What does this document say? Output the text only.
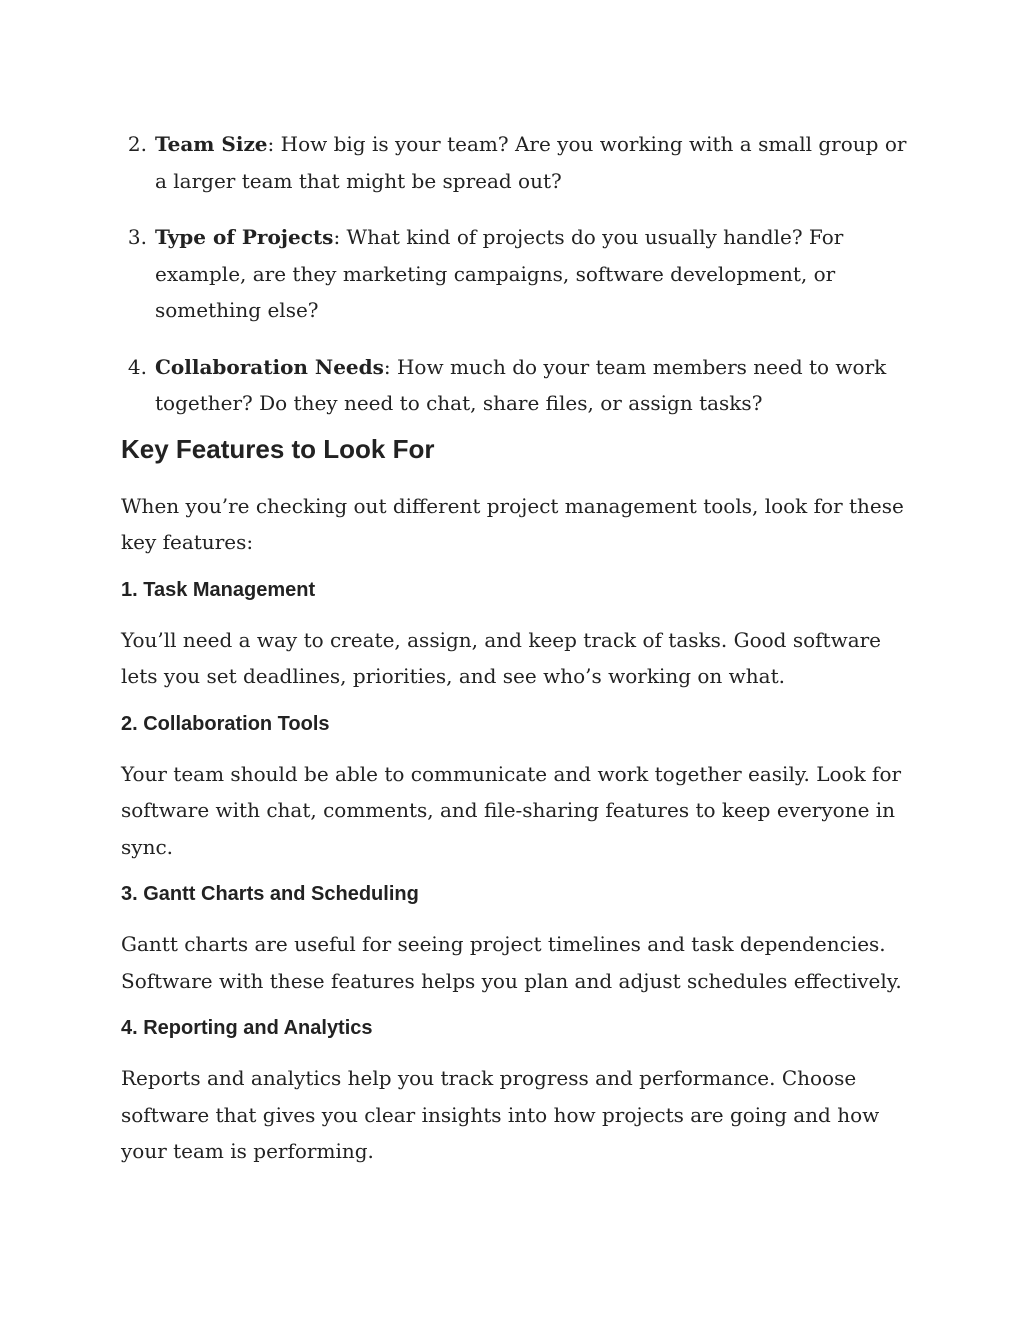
2. Team Size: How big is your team? Are you working with a small group or a larger team that might be spread out?
3. Type of Projects: What kind of projects do you usually handle? For example, are they marketing campaigns, software development, or something else?
4. Collaboration Needs: How much do your team members need to work together? Do they need to chat, share files, or assign tasks?
Key Features to Look For

When you’re checking out different project management tools, look for these key features:

1. Task Management

You’ll need a way to create, assign, and keep track of tasks. Good software lets you set deadlines, priorities, and see who’s working on what.

2. Collaboration Tools

Your team should be able to communicate and work together easily. Look for software with chat, comments, and file-sharing features to keep everyone in sync.

3. Gantt Charts and Scheduling

Gantt charts are useful for seeing project timelines and task dependencies. Software with these features helps you plan and adjust schedules effectively.

4. Reporting and Analytics

Reports and analytics help you track progress and performance. Choose software that gives you clear insights into how projects are going and how your team is performing.
